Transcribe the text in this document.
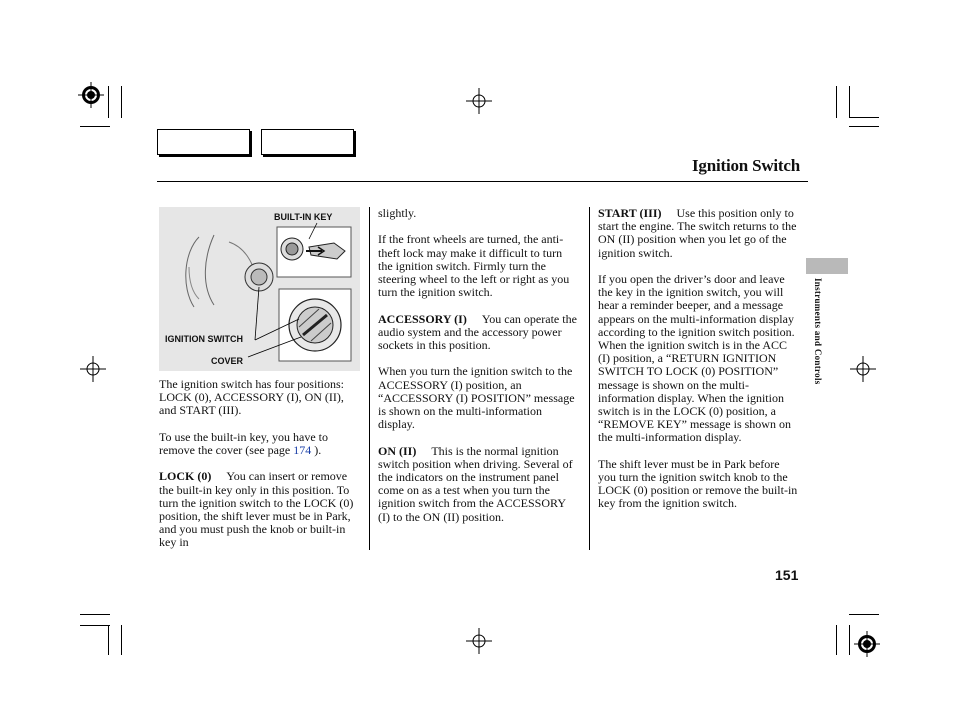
Ignition Switch
BUILT-IN KEY
IGNITION SWITCH
COVER

The ignition switch has four positions: LOCK (0), ACCESSORY (I), ON (II), and START (III).

To use the built-in key, you have to remove the cover (see page 174 ).

LOCK (0) You can insert or remove the built-in key only in this position. To turn the ignition switch to the LOCK (0) position, the shift lever must be in Park, and you must push the knob or built-in key in

slightly.

If the front wheels are turned, the anti-theft lock may make it difficult to turn the ignition switch. Firmly turn the steering wheel to the left or right as you turn the ignition switch.

ACCESSORY (I) You can operate the audio system and the accessory power sockets in this position.

When you turn the ignition switch to the ACCESSORY (I) position, an “ACCESSORY (I) POSITION” message is shown on the multi-information display.

ON (II) This is the normal ignition switch position when driving. Several of the indicators on the instrument panel come on as a test when you turn the ignition switch from the ACCESSORY (I) to the ON (II) position.

START (III) Use this position only to start the engine. The switch returns to the ON (II) position when you let go of the ignition switch.

If you open the driver’s door and leave the key in the ignition switch, you will hear a reminder beeper, and a message appears on the multi-information display according to the ignition switch position. When the ignition switch is in the ACC (I) position, a “RETURN IGNITION SWITCH TO LOCK (0) POSITION” message is shown on the multi-information display. When the ignition switch is in the LOCK (0) position, a “REMOVE KEY” message is shown on the multi-information display.

The shift lever must be in Park before you turn the ignition switch knob to the LOCK (0) position or remove the built-in key from the ignition switch.

Instruments and Controls
151
